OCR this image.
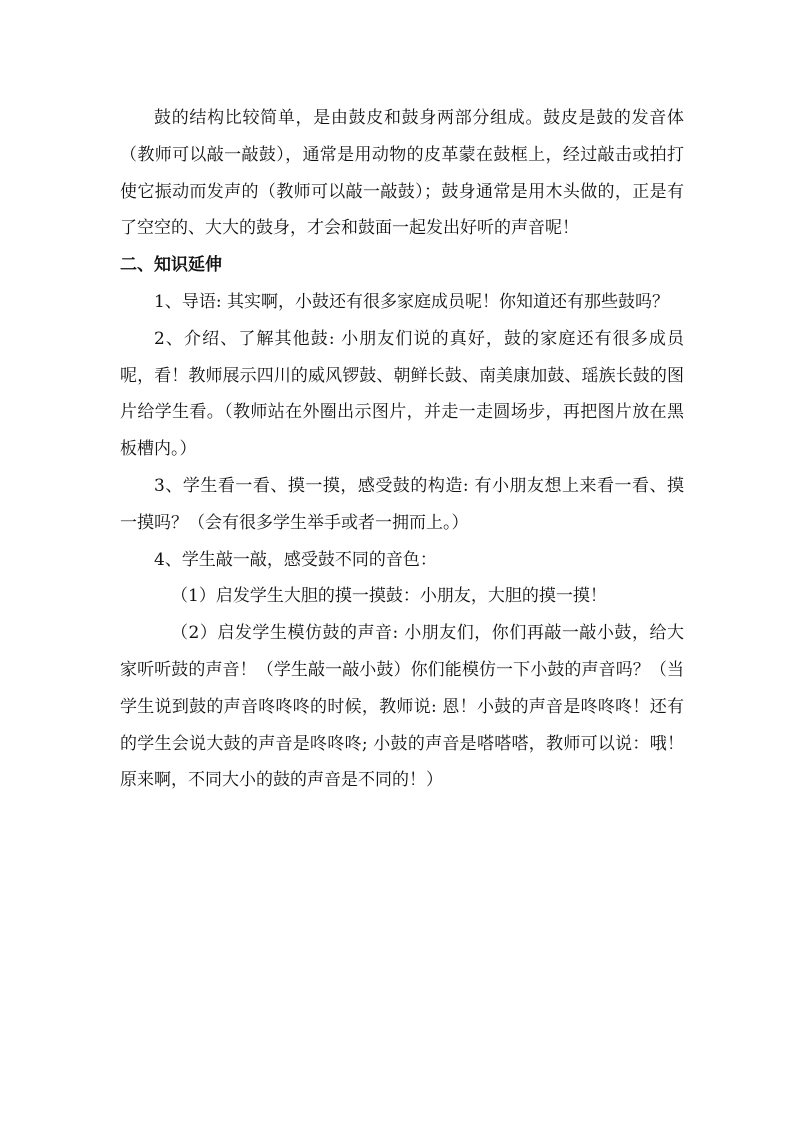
鼓的结构比较简单，是由鼓皮和鼓身两部分组成。鼓皮是鼓的发音体（教师可以敲一敲鼓），通常是用动物的皮革蒙在鼓框上，经过敲击或拍打使它振动而发声的（教师可以敲一敲鼓）；鼓身通常是用木头做的，正是有了空空的、大大的鼓身，才会和鼓面一起发出好听的声音呢！

二、知识延伸

1、导语: 其实啊，小鼓还有很多家庭成员呢！你知道还有那些鼓吗？

2、介绍、了解其他鼓: 小朋友们说的真好，鼓的家庭还有很多成员呢，看！教师展示四川的威风锣鼓、朝鲜长鼓、南美康加鼓、瑶族长鼓的图片给学生看。（教师站在外圈出示图片，并走一走圆场步，再把图片放在黑板槽内。）

3、学生看一看、摸一摸，感受鼓的构造: 有小朋友想上来看一看、摸一摸吗？（会有很多学生举手或者一拥而上。）

4、学生敲一敲，感受鼓不同的音色：

（1）启发学生大胆的摸一摸鼓：小朋友，大胆的摸一摸！

（2）启发学生模仿鼓的声音: 小朋友们，你们再敲一敲小鼓，给大家听听鼓的声音！（学生敲一敲小鼓）你们能模仿一下小鼓的声音吗？（当学生说到鼓的声音咚咚咚的时候，教师说: 恩！小鼓的声音是咚咚咚！还有的学生会说大鼓的声音是咚咚咚; 小鼓的声音是嗒嗒嗒，教师可以说：哦！原来啊，不同大小的鼓的声音是不同的！）
